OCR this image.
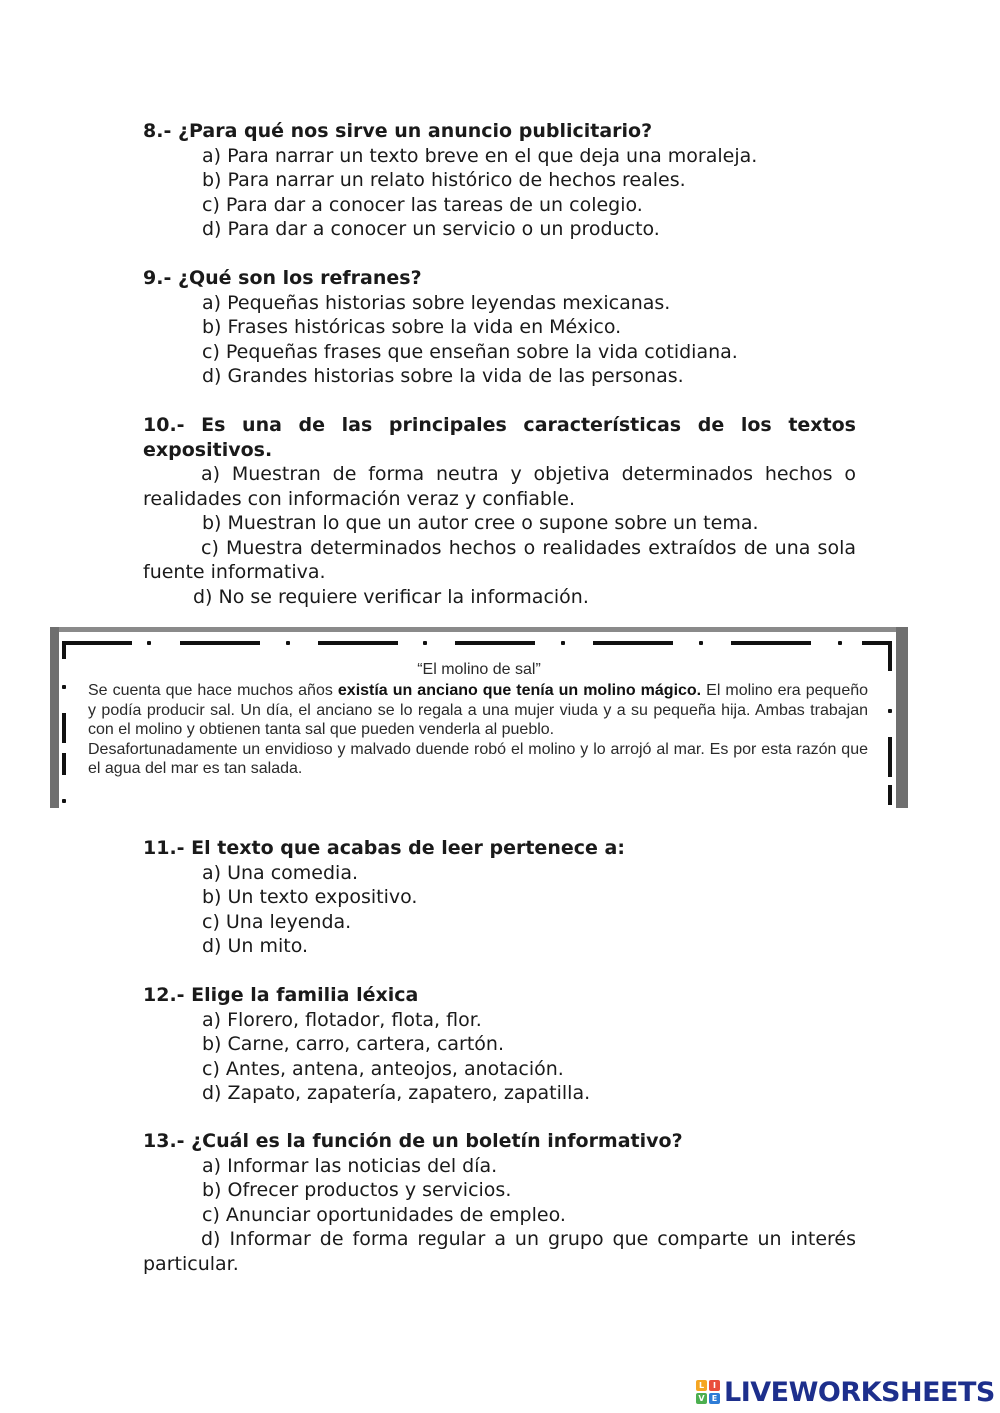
8.- ¿Para qué nos sirve un anuncio publicitario?
a) Para narrar un texto breve en el que deja una moraleja.
b) Para narrar un relato histórico de hechos reales.
c) Para dar a conocer las tareas de un colegio.
d) Para dar a conocer un servicio o un producto.
9.- ¿Qué son los refranes?
a) Pequeñas historias sobre leyendas mexicanas.
b) Frases históricas sobre la vida en México.
c) Pequeñas frases que enseñan sobre la vida cotidiana.
d) Grandes historias sobre la vida de las personas.
10.- Es una de las principales características de los textos expositivos.
a) Muestran de forma neutra y objetiva determinados hechos o realidades con información veraz y confiable.
b) Muestran lo que un autor cree o supone sobre un tema.
c) Muestra determinados hechos o realidades extraídos de una sola fuente informativa.
d) No se requiere verificar la información.
“El molino de sal”
Se cuenta que hace muchos años existía un anciano que tenía un molino mágico. El molino era pequeño y podía producir sal. Un día, el anciano se lo regala a una mujer viuda y a su pequeña hija. Ambas trabajan con el molino y obtienen tanta sal que pueden venderla al pueblo.
Desafortunadamente un envidioso y malvado duende robó el molino y lo arrojó al mar. Es por esta razón que el agua del mar es tan salada.
11.- El texto que acabas de leer pertenece a:
a) Una comedia.
b) Un texto expositivo.
c) Una leyenda.
d) Un mito.
12.- Elige la familia léxica
a) Florero, flotador, flota, flor.
b) Carne, carro, cartera, cartón.
c) Antes, antena, anteojos, anotación.
d) Zapato, zapatería, zapatero, zapatilla.
13.- ¿Cuál es la función de un boletín informativo?
a) Informar las noticias del día.
b) Ofrecer productos y servicios.
c) Anunciar oportunidades de empleo.
d) Informar de forma regular a un grupo que comparte un interés particular.
L	I
V E LIVEWORKSHEETS
